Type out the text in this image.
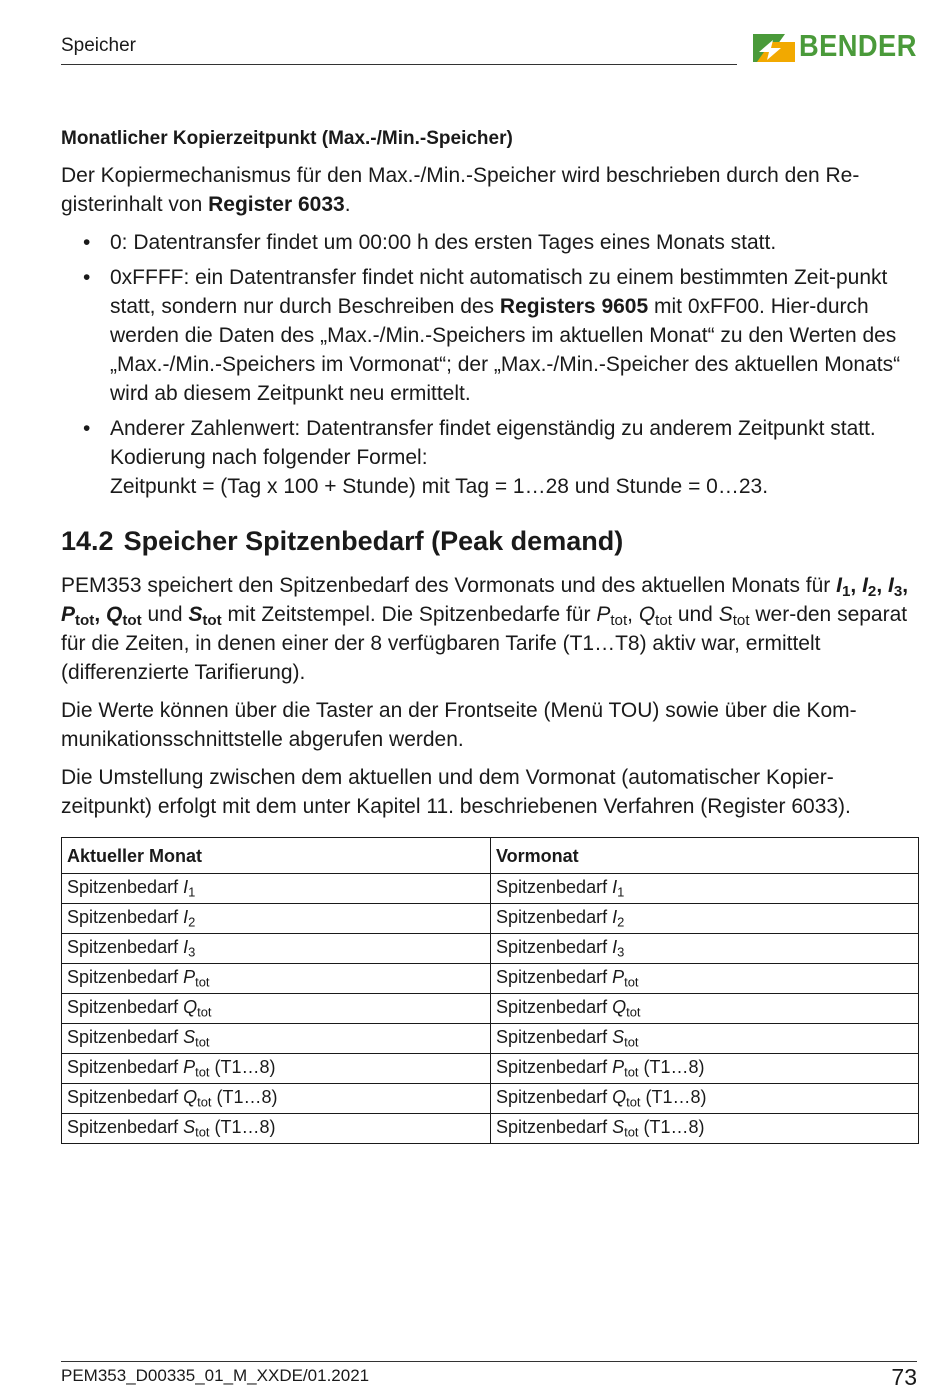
Speicher	BENDER
Monatlicher Kopierzeitpunkt (Max.-/Min.-Speicher)

Der Kopiermechanismus für den Max.-/Min.-Speicher wird beschrieben durch den Re-gisterinhalt von Register 6033.

• 0: Datentransfer findet um 00:00 h des ersten Tages eines Monats statt.
• 0xFFFF: ein Datentransfer findet nicht automatisch zu einem bestimmten Zeit-punkt statt, sondern nur durch Beschreiben des Registers 9605 mit 0xFF00. Hier-durch werden die Daten des „Max.-/Min.-Speichers im aktuellen Monat“ zu den Werten des „Max.-/Min.-Speichers im Vormonat“; der „Max.-/Min.-Speicher des aktuellen Monats“ wird ab diesem Zeitpunkt neu ermittelt.
• Anderer Zahlenwert: Datentransfer findet eigenständig zu anderem Zeitpunkt statt. Kodierung nach folgender Formel:
Zeitpunkt = (Tag x 100 + Stunde) mit Tag = 1…28 und Stunde = 0…23.
14.2 Speicher Spitzenbedarf (Peak demand)

PEM353 speichert den Spitzenbedarf des Vormonats und des aktuellen Monats für $I_1$, $I_2$, $I_3$, $P_{tot}$, $Q_{tot}$ und $S_{tot}$ mit Zeitstempel. Die Spitzenbedarfe für $P_{tot}$, $Q_{tot}$ und $S_{tot}$ wer-den separat für die Zeiten, in denen einer der 8 verfügbaren Tarife (T1…T8) aktiv war, ermittelt (differenzierte Tarifierung).

Die Werte können über die Taster an der Frontseite (Menü TOU) sowie über die Kom-munikationsschnittstelle abgerufen werden.

Die Umstellung zwischen dem aktuellen und dem Vormonat (automatischer Kopier-zeitpunkt) erfolgt mit dem unter Kapitel 11. beschriebenen Verfahren (Register 6033).

Aktueller Monat	Vormonat
Spitzenbedarf $I_1$	Spitzenbedarf $I_1$
Spitzenbedarf $I_2$	Spitzenbedarf $I_2$
Spitzenbedarf $I_3$	Spitzenbedarf $I_3$
Spitzenbedarf $P_{tot}$	Spitzenbedarf $P_{tot}$
Spitzenbedarf $Q_{tot}$	Spitzenbedarf $Q_{tot}$
Spitzenbedarf $S_{tot}$	Spitzenbedarf $S_{tot}$
Spitzenbedarf $P_{tot}$ (T1…8)	Spitzenbedarf $P_{tot}$ (T1…8)
Spitzenbedarf $Q_{tot}$ (T1…8)	Spitzenbedarf $Q_{tot}$ (T1…8)
Spitzenbedarf $S_{tot}$ (T1…8)	Spitzenbedarf $S_{tot}$ (T1…8)
PEM353_D00335_01_M_XXDE/01.2021	73
